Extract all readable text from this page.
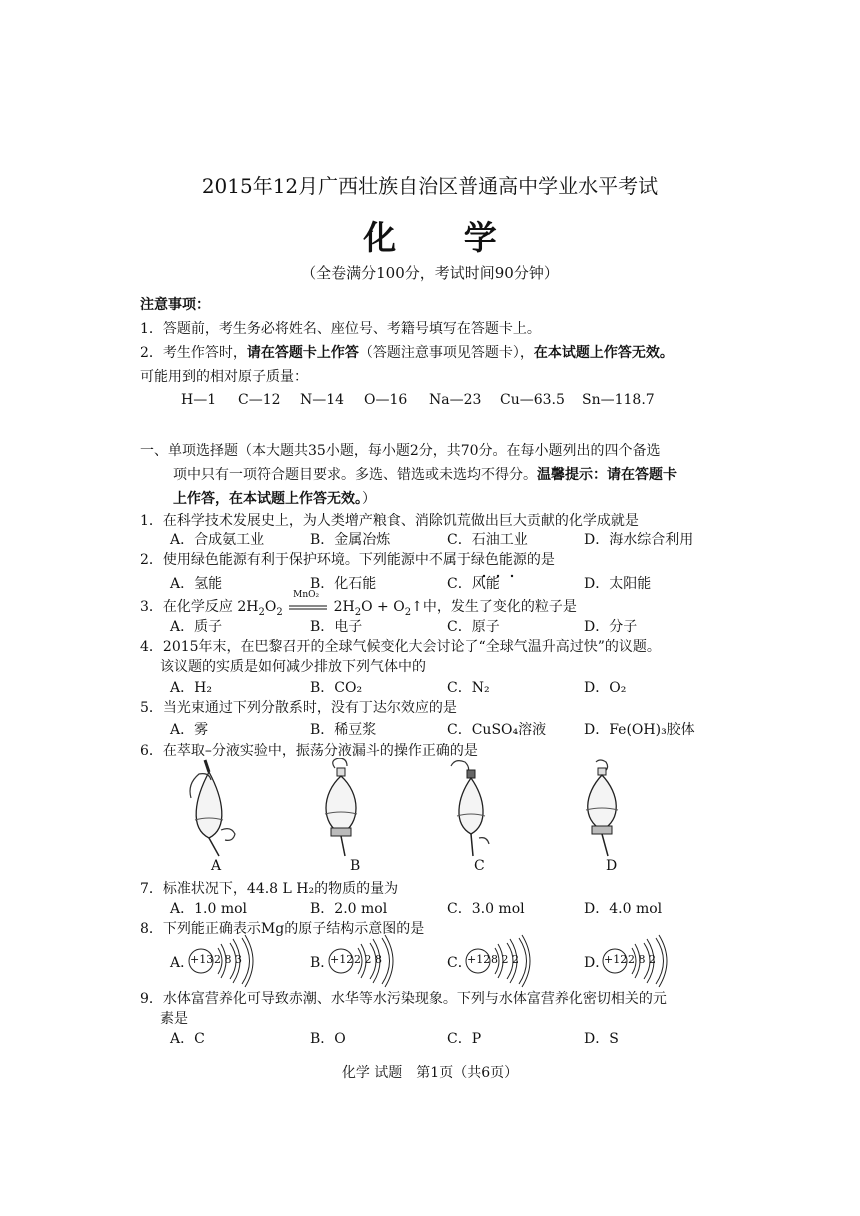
2015年12月广西壮族自治区普通高中学业水平考试
化 学
（全卷满分100分，考试时间90分钟）
注意事项：
1．答题前，考生务必将姓名、座位号、考籍号填写在答题卡上。
2．考生作答时，请在答题卡上作答（答题注意事项见答题卡），在本试题上作答无效。
可能用到的相对原子质量：
H—1 C—12 N—14 O—16 Na—23 Cu—63.5 Sn—118.7
一、单项选择题（本大题共35小题，每小题2分，共70分。在每小题列出的四个备选
项中只有一项符合题目要求。多选、错选或未选均不得分。温馨提示：请在答题卡
上作答，在本试题上作答无效。）
1．在科学技术发展史上，为人类增产粮食、消除饥荒做出巨大贡献的化学成就是
A．合成氨工业	B．金属冶炼	C．石油工业	D．海水综合利用
2．使用绿色能源有利于保护环境。下列能源中不属于绿色能源的是
A．氢能	B．化石能	C．风能	D．太阳能
3．在化学反应 $2H_2O_2$
MnO₂
$2H_2O$ + $O_2↑$中，发生了变化的粒子是
A．质子	B．电子	C．原子	D．分子
4．2015年末，在巴黎召开的全球气候变化大会讨论了“全球气温升高过快”的议题。
该议题的实质是如何减少排放下列气体中的
A．H₂	B．CO₂	C．N₂	D．O₂
5．当光束通过下列分散系时，没有丁达尔效应的是
A．雾	B．稀豆浆	C．CuSO₄溶液	D．Fe(OH)₃胶体
6．在萃取–分液实验中，振荡分液漏斗的操作正确的是
A	B	C	D
7．标准状况下，44.8 L H₂的物质的量为
A．1.0 mol	B．2.0 mol	C．3.0 mol	D．4.0 mol
8．下列能正确表示Mg的原子结构示意图的是
A．
+13 2 8 3	B．
+12 2 2 8	C．
+12 8 2 2	D．
+12 2 8 2
9．水体富营养化可导致赤潮、水华等水污染现象。下列与水体富营养化密切相关的元
素是
A．C	B．O	C．P	D．S
化学 试题　第1页（共6页）
